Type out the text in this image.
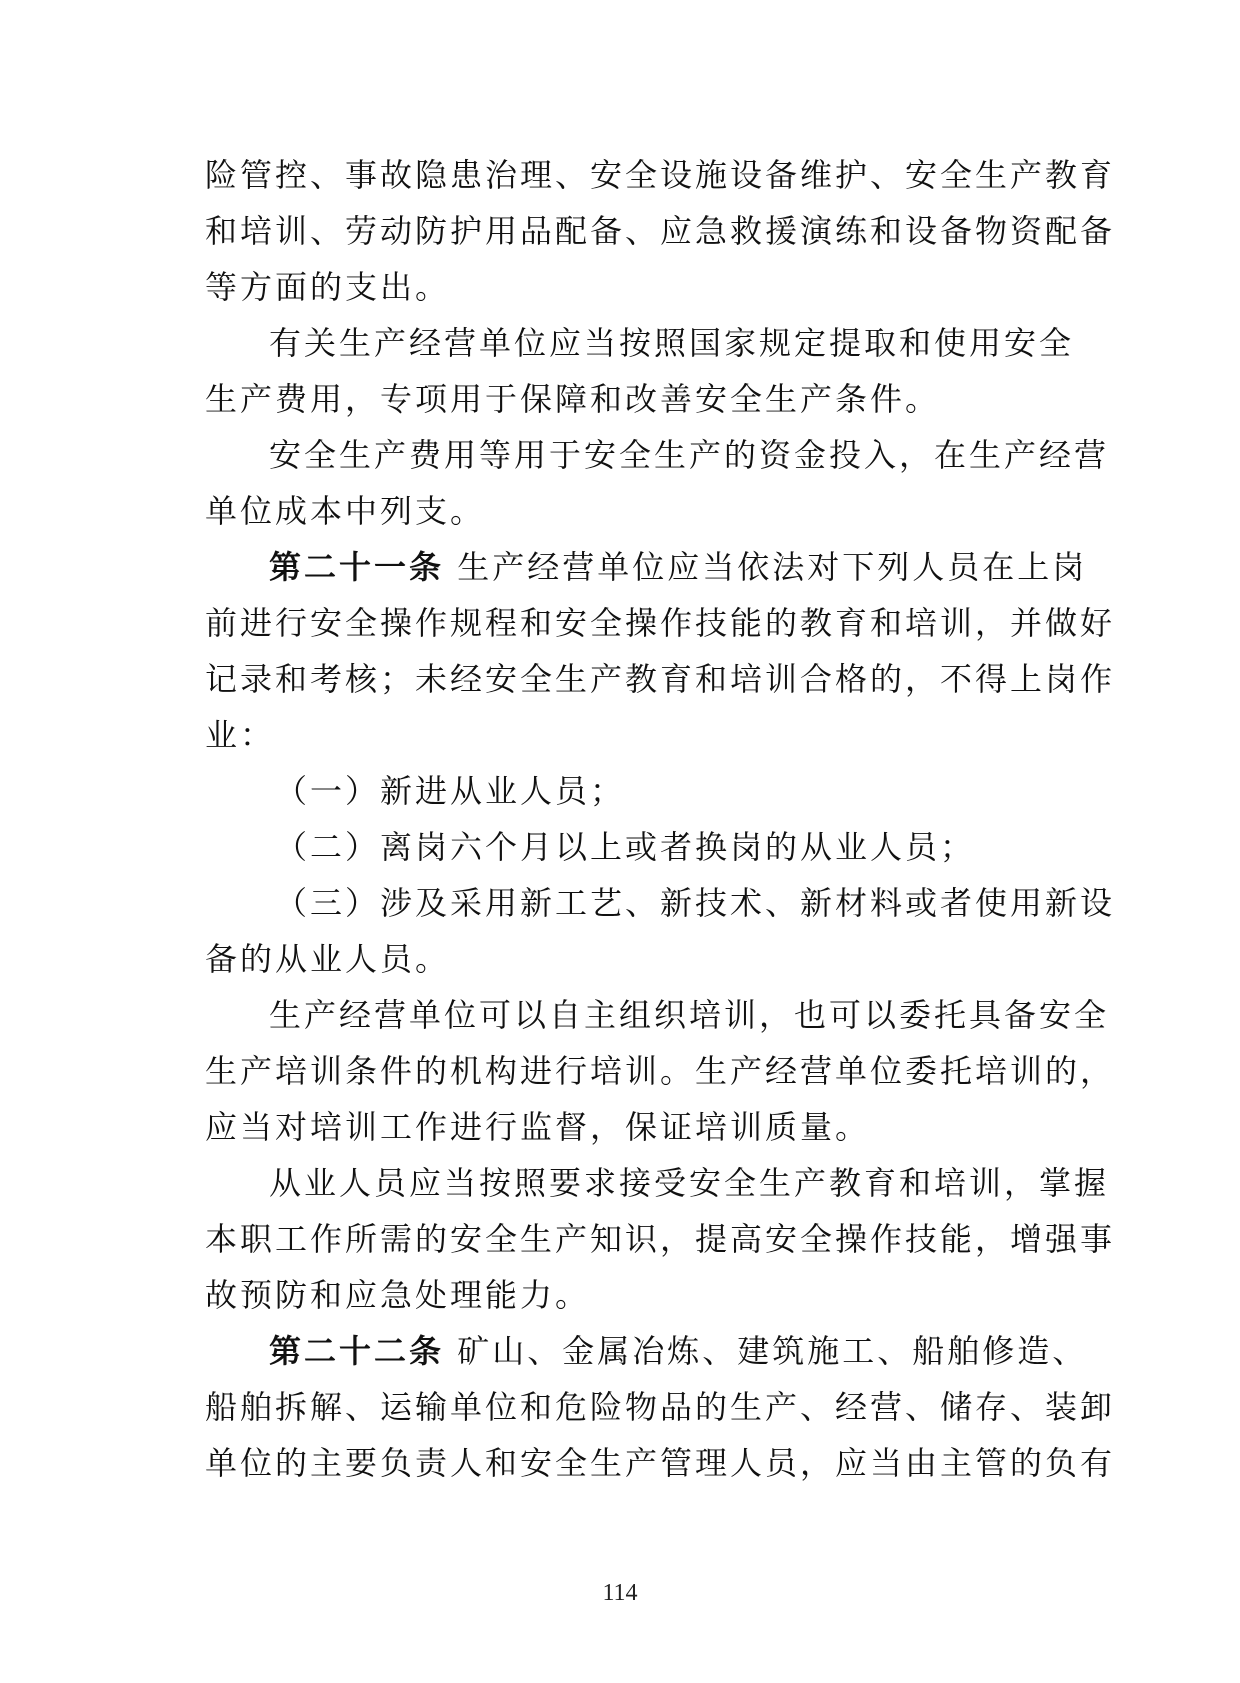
险管控、事故隐患治理、安全设施设备维护、安全生产教育

和培训、劳动防护用品配备、应急救援演练和设备物资配备

等方面的支出。

有关生产经营单位应当按照国家规定提取和使用安全

生产费用，专项用于保障和改善安全生产条件。

安全生产费用等用于安全生产的资金投入，在生产经营

单位成本中列支。

第二十一条 生产经营单位应当依法对下列人员在上岗

前进行安全操作规程和安全操作技能的教育和培训，并做好

记录和考核；未经安全生产教育和培训合格的，不得上岗作

业：

（一）新进从业人员；

（二）离岗六个月以上或者换岗的从业人员；

（三）涉及采用新工艺、新技术、新材料或者使用新设

备的从业人员。

生产经营单位可以自主组织培训，也可以委托具备安全

生产培训条件的机构进行培训。生产经营单位委托培训的，

应当对培训工作进行监督，保证培训质量。

从业人员应当按照要求接受安全生产教育和培训，掌握

本职工作所需的安全生产知识，提高安全操作技能，增强事

故预防和应急处理能力。

第二十二条 矿山、金属冶炼、建筑施工、船舶修造、

船舶拆解、运输单位和危险物品的生产、经营、储存、装卸

单位的主要负责人和安全生产管理人员，应当由主管的负有

114
